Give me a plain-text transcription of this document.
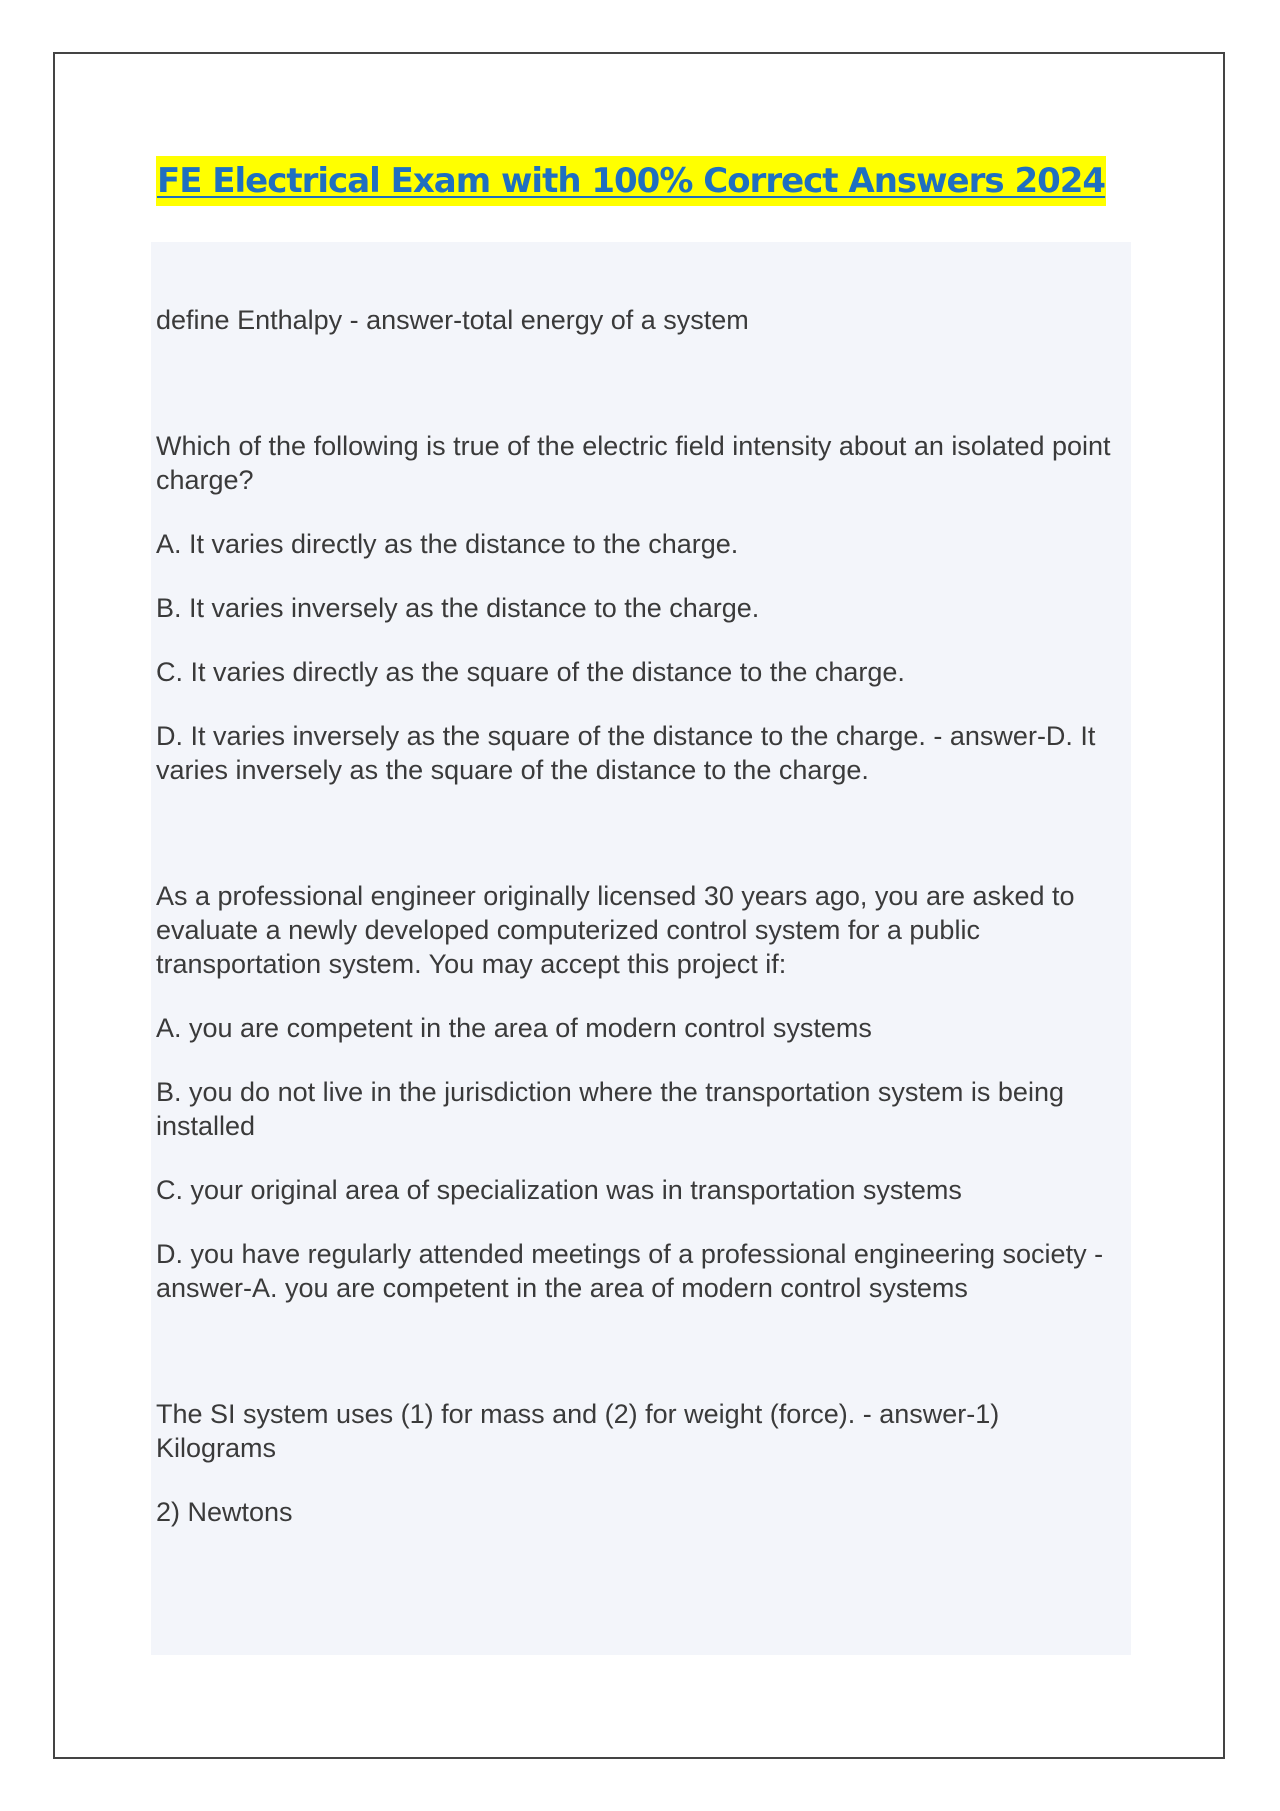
FE Electrical Exam with 100% Correct Answers 2024

define Enthalpy - answer-total energy of a system

Which of the following is true of the electric field intensity about an isolated point charge?

A. It varies directly as the distance to the charge.

B. It varies inversely as the distance to the charge.

C. It varies directly as the square of the distance to the charge.

D. It varies inversely as the square of the distance to the charge. - answer-D. It varies inversely as the square of the distance to the charge.

As a professional engineer originally licensed 30 years ago, you are asked to evaluate a newly developed computerized control system for a public transportation system. You may accept this project if:

A. you are competent in the area of modern control systems

B. you do not live in the jurisdiction where the transportation system is being installed

C. your original area of specialization was in transportation systems

D. you have regularly attended meetings of a professional engineering society - answer-A. you are competent in the area of modern control systems

The SI system uses (1) for mass and (2) for weight (force). - answer-1) Kilograms

2) Newtons
